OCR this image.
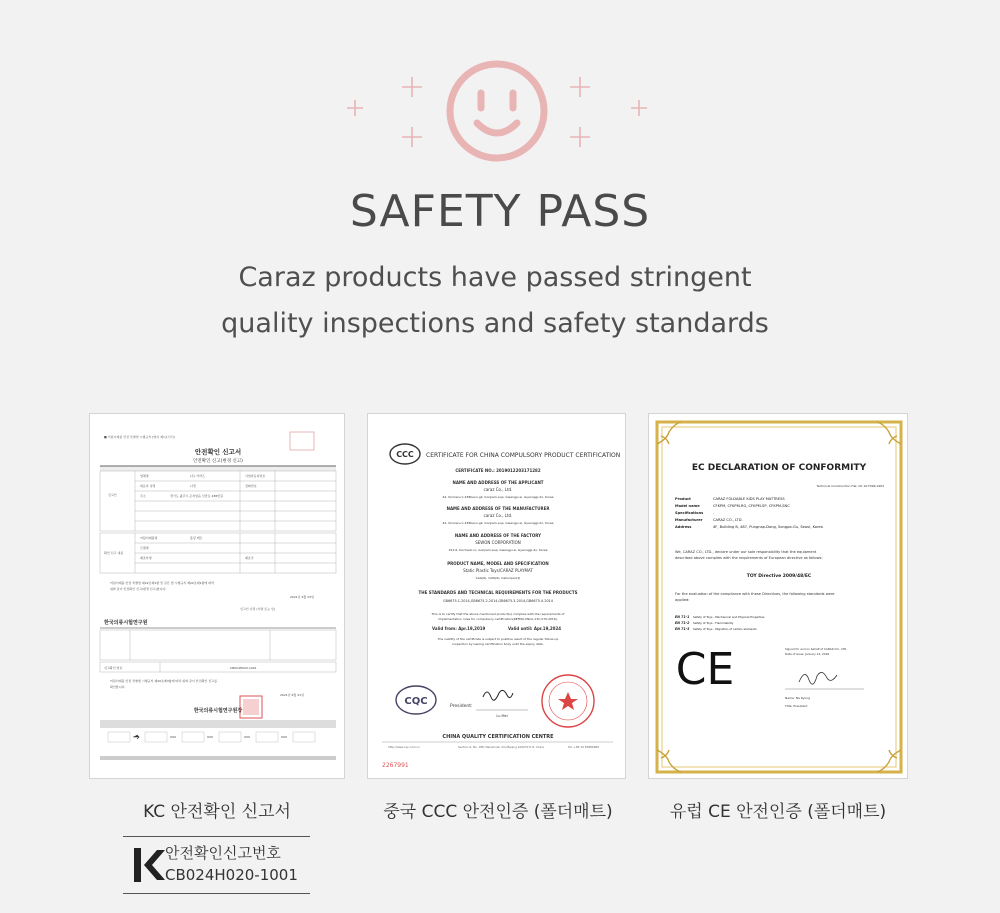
SAFETY PASS
Caraz products have passed stringent
quality inspections and safety standards
■ 어린이제품 안전 특별법 시행규칙 [별지 제1호서식]
안전확인 신고서
안전확인 신고(변경 신고)
신고인
확인 신고 내용
업체명	(주) 카라즈	사업자등록번호
대표자 성명	나경	전화번호
주소	경기도 광주시 곤지암읍 신만로 438번길
어린이제품명	폴딩 매트
모델명
제조자명	제조국
어린이제품 안전 특별법 제22조제1항 및 같은 법 시행규칙 제20조제1항에 따라
위와 같이 안전확인 신고(변경 신고)합니다.
2021년 4월 23일
신고인 나경 (서명 또는 인)
한국의류시험연구원
신고확인 번호	CB024H020-1001
어린이제품 안전 특별법 시행규칙 제20조제3항에 따라 위와 같이 안전확인 신고를
확인합니다.
2021년 6월 21일
한국의류시험연구원장
CCC CERTIFICATE FOR CHINA COMPULSORY PRODUCT CERTIFICATION
CERTIFICATE NO.: 2019012203171282
NAME AND ADDRESS OF THE APPLICANT
caraz Co., Ltd.
42, Sinman-ro 438beon-gil, Gonjiam-eup, Gwangju-si, Gyeonggi-do, Korea
NAME AND ADDRESS OF THE MANUFACTURER
caraz Co., Ltd.
42, Sinman-ro 438beon-gil, Gonjiam-eup, Gwangju-si, Gyeonggi-do, Korea
NAME AND ADDRESS OF THE FACTORY
SEWON CORPORATION
152-6, Docheok-ro, Gonjiam-eup, Gwangju-si, Gyeonggi-do, Korea
PRODUCT NAME, MODEL AND SPECIFICATION
Static Plastic Toys/CARAZ PLAYMAT
CAG(6), CAW(6), Caburiper(4)
THE STANDARDS AND TECHNICAL REQUIREMENTS FOR THE PRODUCTS
GB6675.1-2014,GB6675.2-2014,GB6675.3-2014,GB6675.4-2014
This is to certify that the above mentioned product(s) complies with the requirements of
implementation rules for compulsory certification(REFNO.CNCA-13C-070:2016).
Valid from: Apr.19,2019	Valid until: Apr.19,2024
The validity of the certificate is subject to positive result of the regular follow-up
inspection by issuing certification body until the expiry date.
CQC	President:
Lu Mei
CHINA QUALITY CERTIFICATION CENTRE
http://www.cqc.com.cn	Section 9, No. 188, Nansihuan Xilu Beijing 100070 P. R. China	Tel: +86 10 83886666
2267991
EC DECLARATION OF CONFORMITY
Technical Construction File: CK 10-T09K-1963
Product	CARAZ FOLDABLE KIDS PLAY MATTRESS
Model name	CFKPM, CFKPM-RG, CFKPM-SP, CFKPM-SNC
Specifications	-
Manufacturer	CARAZ CO., LTD.
Address	4F, Building B, 487, Pungnap-Dong, Songpa-Gu, Seoul, Korea
We, CARAZ CO., LTD., declare under our sole responsibility that the equipment
described above complies with the requirements of European directive as follows:
TOY Directive 2009/48/EC
For the evaluation of the compliance with these Directives, the following standards were
applied:
EN 71-1 Safety of Toys - Mechanical and Physical Properties
EN 71-2 Safety of Toys - Flammability
EN 71-3 Safety of Toys - Migration of certain elements
CE	Signed for and on behalf of CARAZ CO., LTD.
Date of issue: January 12, 2016
Name: Na Kyung
Title: President
KC 안전확인 신고서	중국 CCC 안전인증 (폴더매트)	유럽 CE 안전인증 (폴더매트)
안전확인신고번호
CB024H020-1001
